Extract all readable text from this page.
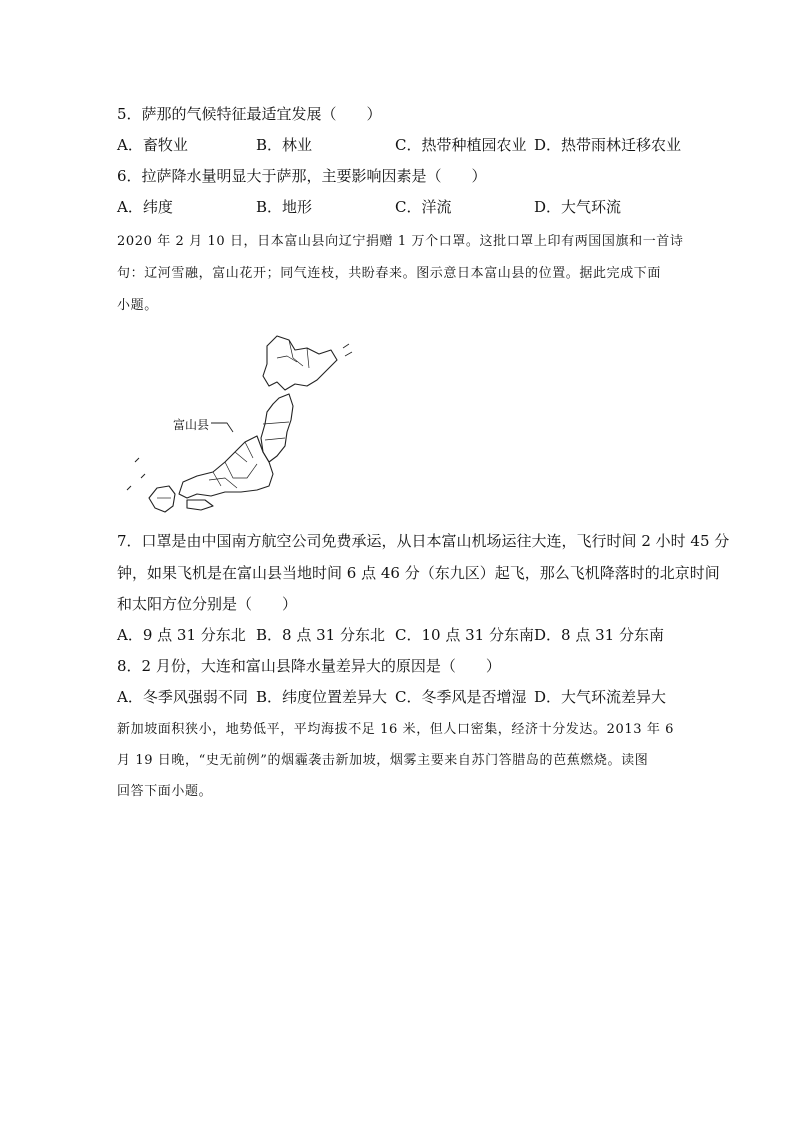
5．萨那的气候特征最适宜发展（　　）
A．畜牧业	B．林业	C．热带种植园农业 D．热带雨林迁移农业
6．拉萨降水量明显大于萨那，主要影响因素是（　　）
A．纬度	B．地形	C．洋流	D．大气环流
2020 年 2 月 10 日，日本富山县向辽宁捐赠 1 万个口罩。这批口罩上印有两国国旗和一首诗
句：辽河雪融，富山花开；同气连枝，共盼春来。图示意日本富山县的位置。据此完成下面
小题。
富山县
7．口罩是由中国南方航空公司免费承运，从日本富山机场运往大连，飞行时间 2 小时 45 分
钟，如果飞机是在富山县当地时间 6 点 46 分（东九区）起飞，那么飞机降落时的北京时间
和太阳方位分别是（　　）
A．9 点 31 分东北 B．8 点 31 分东北 C．10 点 31 分东南 D．8 点 31 分东南
8．2 月份，大连和富山县降水量差异大的原因是（　　）
A．冬季风强弱不同 B．纬度位置差异大 C．冬季风是否增湿 D．大气环流差异大
新加坡面积狭小，地势低平，平均海拔不足 16 米，但人口密集，经济十分发达。2013 年 6
月 19 日晚，“史无前例”的烟霾袭击新加坡，烟雾主要来自苏门答腊岛的芭蕉燃烧。读图
回答下面小题。
